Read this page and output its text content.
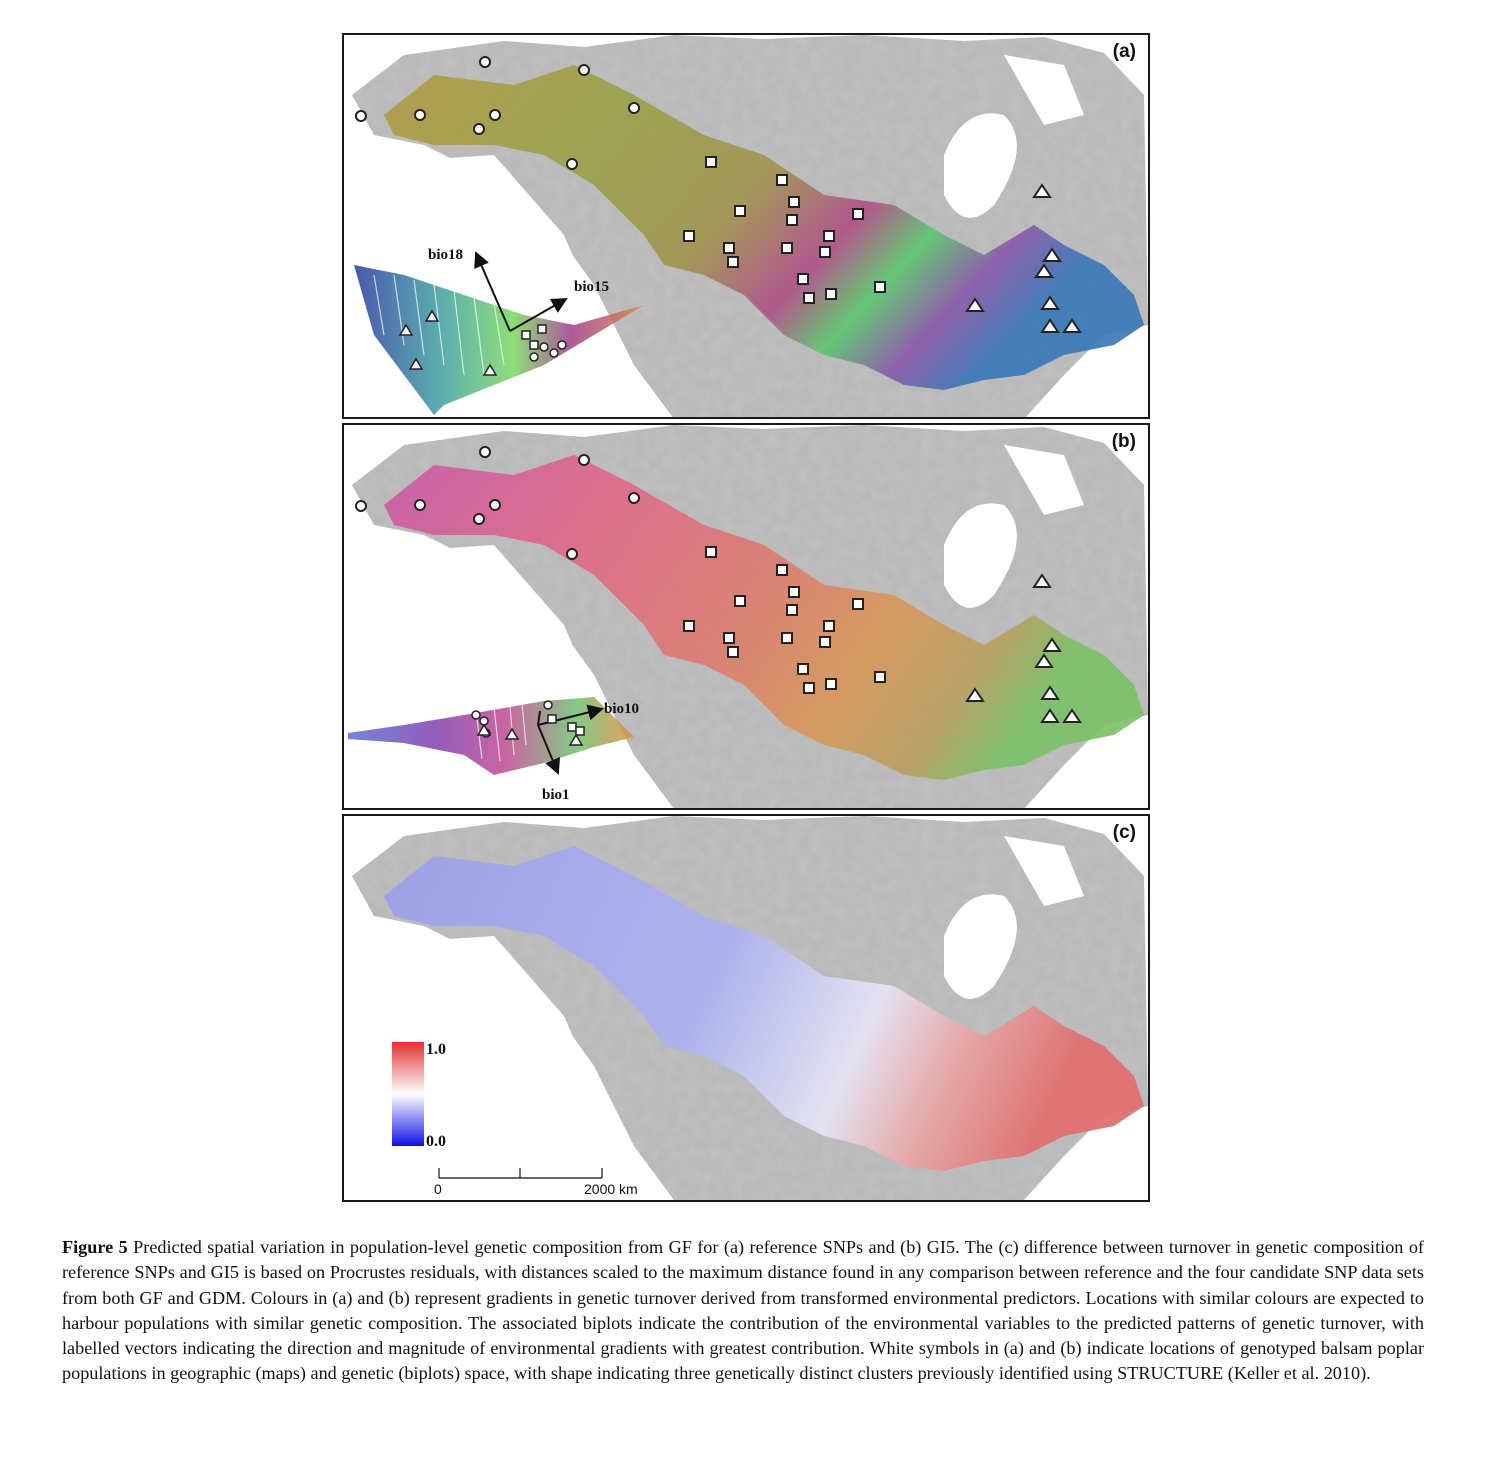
bio18
bio15
(a)
bio10
bio1
(b)
1.0
0.0
0	2000 km
(c)
Figure 5 Predicted spatial variation in population-level genetic composition from GF for (a) reference SNPs and (b) GI5. The (c) difference between turnover in genetic composition of reference SNPs and GI5 is based on Procrustes residuals, with distances scaled to the maximum distance found in any comparison between reference and the four candidate SNP data sets from both GF and GDM. Colours in (a) and (b) represent gradients in genetic turnover derived from transformed environmental predictors. Locations with similar colours are expected to harbour populations with similar genetic composition. The associated biplots indicate the contribution of the environmental variables to the predicted patterns of genetic turnover, with labelled vectors indicating the direction and magnitude of environmental gradients with greatest contribution. White symbols in (a) and (b) indicate locations of genotyped balsam poplar populations in geographic (maps) and genetic (biplots) space, with shape indicating three genetically distinct clusters previously identified using STRUCTURE (Keller et al. 2010).
